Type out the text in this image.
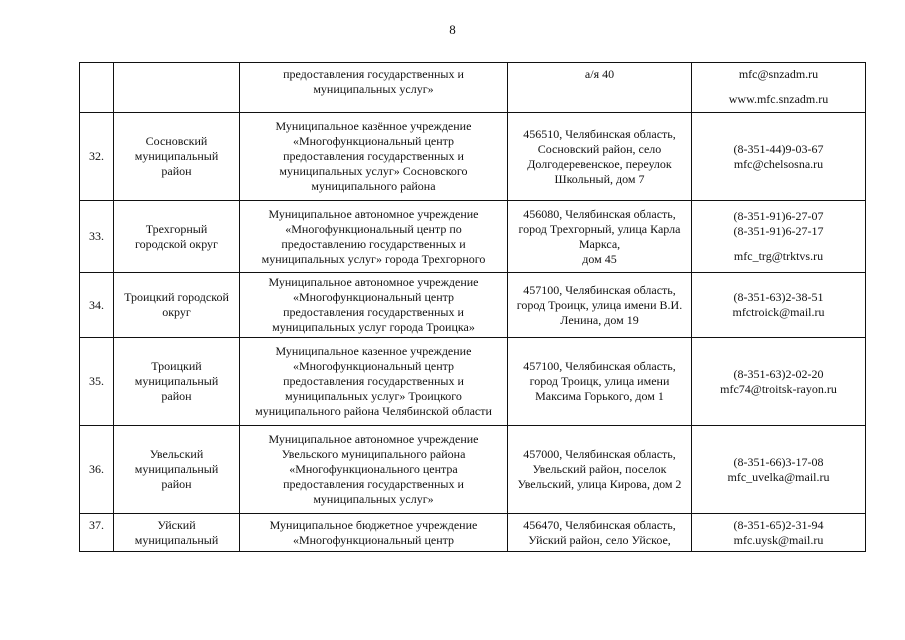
8

		предоставления государственных и
муниципальных услуг»	а/я 40	mfc@snzadm.ru
www.mfc.snzadm.ru

32.	Сосновский
муниципальный
район	Муниципальное казённое учреждение
«Многофункциональный центр
предоставления государственных и
муниципальных услуг» Сосновского
муниципального района	456510, Челябинская область,
Сосновский район, село
Долгодеревенское, переулок
Школьный, дом 7	(8-351-44)9-03-67
mfc@chelsosna.ru

33.	Трехгорный
городской округ	Муниципальное автономное учреждение
«Многофункциональный центр по
предоставлению государственных и
муниципальных услуг» города Трехгорного	456080, Челябинская область,
город Трехгорный, улица Карла
Маркса,
дом 45	(8-351-91)6-27-07
(8-351-91)6-27-17
mfc_trg@trktvs.ru

34.	Троицкий городской
округ	Муниципальное автономное учреждение
«Многофункциональный центр
предоставления государственных и
муниципальных услуг города Троицка»	457100, Челябинская область,
город Троицк, улица имени В.И.
Ленина, дом 19	(8-351-63)2-38-51
mfctroick@mail.ru

35.	Троицкий
муниципальный
район	Муниципальное казенное учреждение
«Многофункциональный центр
предоставления государственных и
муниципальных услуг» Троицкого
муниципального района Челябинской области	457100, Челябинская область,
город Троицк, улица имени
Максима Горького, дом 1	(8-351-63)2-02-20
mfc74@troitsk-rayon.ru

36.	Увельский
муниципальный
район	Муниципальное автономное учреждение
Увельского муниципального района
«Многофункционального центра
предоставления государственных и
муниципальных услуг»	457000, Челябинская область,
Увельский район, поселок
Увельский, улица Кирова, дом 2	(8-351-66)3-17-08
mfc_uvelka@mail.ru

37.	Уйский
муниципальный	Муниципальное бюджетное учреждение
«Многофункциональный центр	456470, Челябинская область,
Уйский район, село Уйское,	(8-351-65)2-31-94
mfc.uysk@mail.ru
